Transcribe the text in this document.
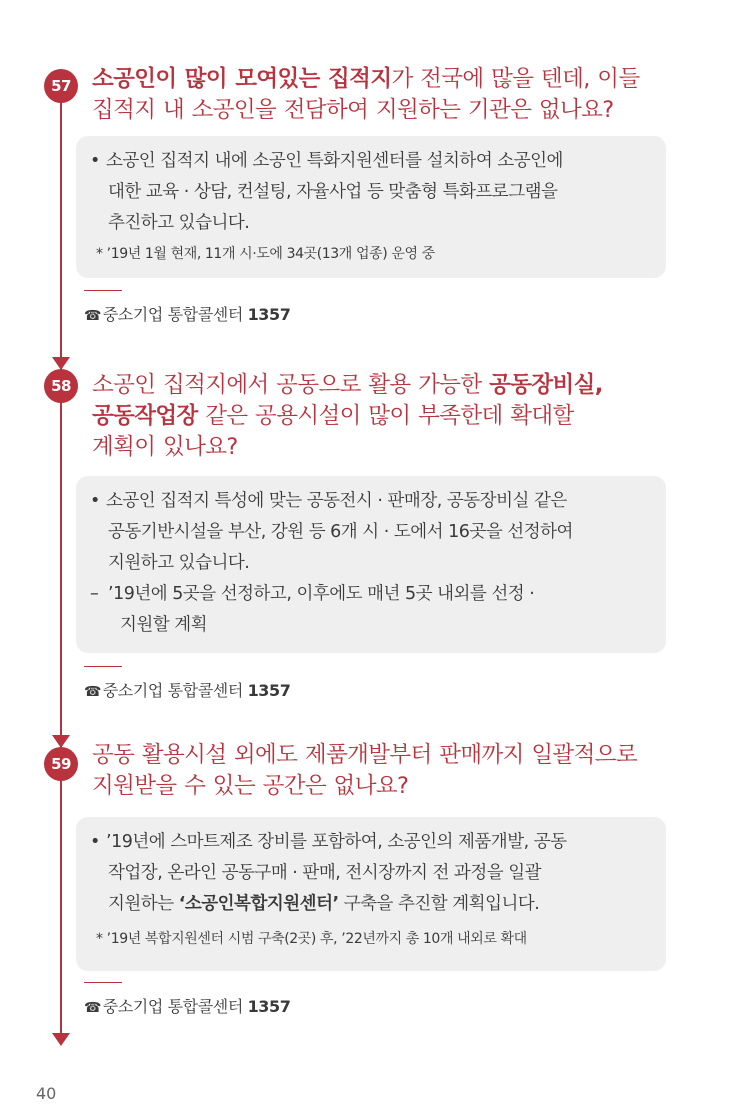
57 소공인이 많이 모여있는 집적지가 전국에 많을 텐데, 이들
집적지 내 소공인을 전담하여 지원하는 기관은 없나요?
• 소공인 집적지 내에 소공인 특화지원센터를 설치하여 소공인에
대한 교육 · 상담, 컨설팅, 자율사업 등 맞춤형 특화프로그램을
추진하고 있습니다.
* ’19년 1월 현재, 11개 시·도에 34곳(13개 업종) 운영 중
☎ 중소기업 통합콜센터 1357
58 소공인 집적지에서 공동으로 활용 가능한 공동장비실,
공동작업장 같은 공용시설이 많이 부족한데 확대할
계획이 있나요?
• 소공인 집적지 특성에 맞는 공동전시 · 판매장, 공동장비실 같은
공동기반시설을 부산, 강원 등 6개 시 · 도에서 16곳을 선정하여
지원하고 있습니다.
– ’19년에 5곳을 선정하고, 이후에도 매년 5곳 내외를 선정 ·
지원할 계획
☎ 중소기업 통합콜센터 1357
59 공동 활용시설 외에도 제품개발부터 판매까지 일괄적으로
지원받을 수 있는 공간은 없나요?
• ’19년에 스마트제조 장비를 포함하여, 소공인의 제품개발, 공동
작업장, 온라인 공동구매 · 판매, 전시장까지 전 과정을 일괄
지원하는 ‘소공인복합지원센터’ 구축을 추진할 계획입니다.
* ’19년 복합지원센터 시범 구축(2곳) 후, ’22년까지 총 10개 내외로 확대
☎ 중소기업 통합콜센터 1357
40
